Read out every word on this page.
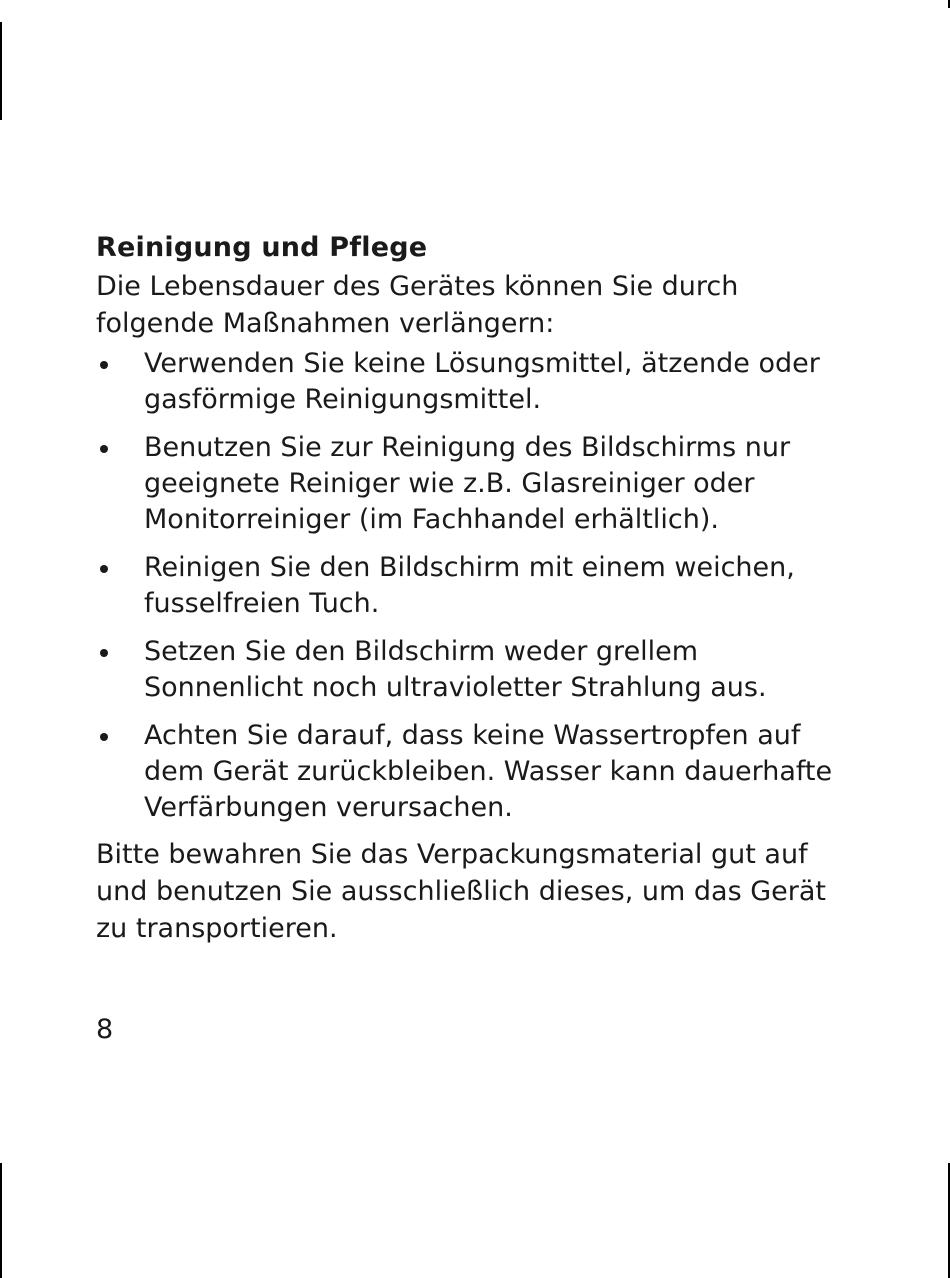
Reinigung und Pflege

Die Lebensdauer des Gerätes können Sie durch folgende Maßnahmen verlängern:

Verwenden Sie keine Lösungsmittel, ätzende oder gasförmige Reinigungsmittel.
Benutzen Sie zur Reinigung des Bildschirms nur geeignete Reiniger wie z.B. Glasreiniger oder Monitorreiniger (im Fachhandel erhältlich).
Reinigen Sie den Bildschirm mit einem weichen, fusselfreien Tuch.
Setzen Sie den Bildschirm weder grellem Sonnenlicht noch ultravioletter Strahlung aus.
Achten Sie darauf, dass keine Wassertropfen auf dem Gerät zurückbleiben. Wasser kann dauerhafte Verfärbungen verursachen.

Bitte bewahren Sie das Verpackungsmaterial gut auf und benutzen Sie ausschließlich dieses, um das Gerät zu transportieren.

8
